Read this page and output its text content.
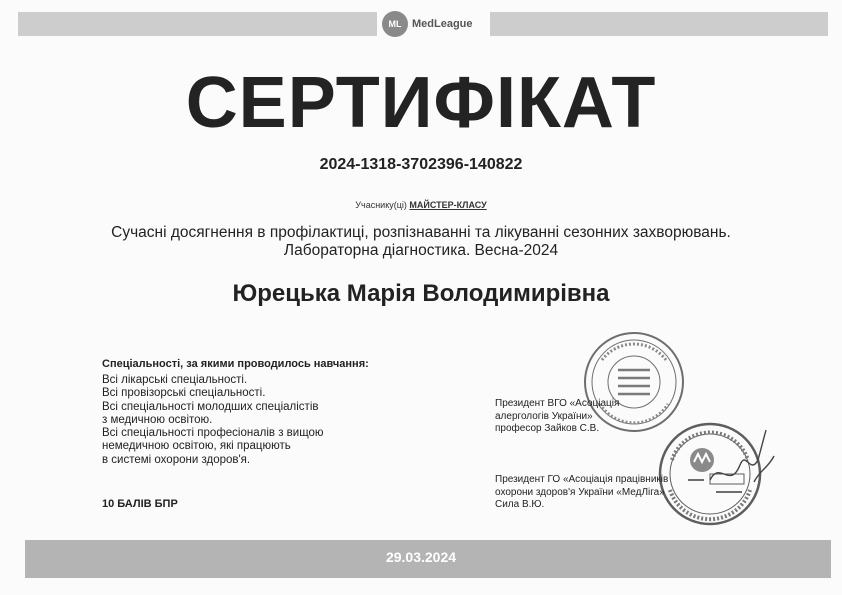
ML MedLeague
СЕРТИФІКАТ
2024-1318-3702396-140822
Учаснику(ці) МАЙСТЕР-КЛАСУ
Сучасні досягнення в профілактиці, розпізнаванні та лікуванні сезонних захворювань.
Лабораторна діагностика. Весна-2024
Юрецька Марія Володимирівна
Спеціальності, за якими проводилось навчання:
Всі лікарські спеціальності.
Всі провізорські спеціальності.
Всі спеціальності молодших спеціалістів
з медичною освітою.
Всі спеціальності професіоналів з вищою
немедичною освітою, які працюють
в системі охорони здоров'я.
10 БАЛІВ БПР
Президент ВГО «Асоціація
алергологів України»
професор Зайков С.В.
Президент ГО «Асоціація працівників
охорони здоров'я України «МедЛіга»
Сила В.Ю.
29.03.2024
